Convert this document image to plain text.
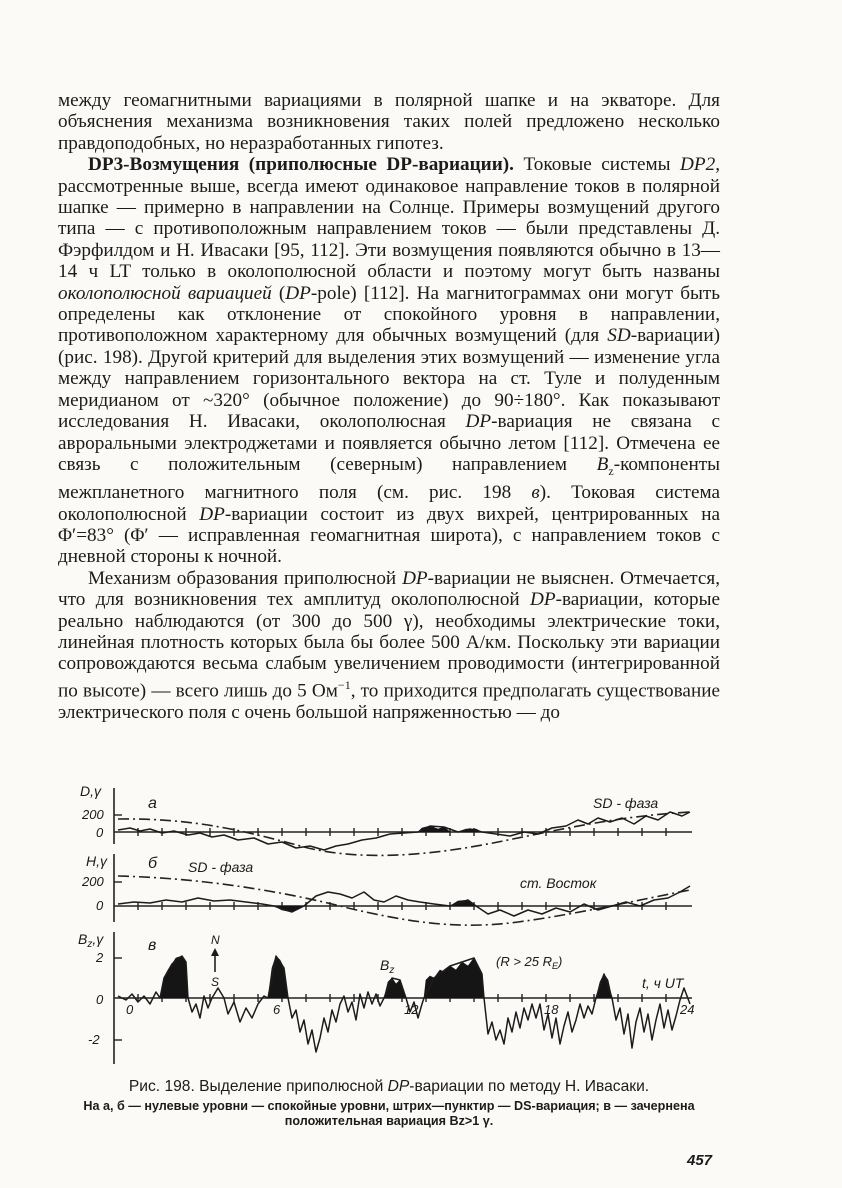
между геомагнитными вариациями в полярной шапке и на экваторе. Для объяснения механизма возникновения таких полей предложено несколько правдоподобных, но неразработанных гипотез.

DP3-Возмущения (приполюсные DP-вариации). Токовые системы DP2, рассмотренные выше, всегда имеют одинаковое направление токов в полярной шапке — примерно в направлении на Солнце. Примеры возмущений другого типа — с противоположным направлением токов — были представлены Д. Фэрфилдом и Н. Ивасаки [95, 112]. Эти возмущения появляются обычно в 13—14 ч LT только в околополюсной области и поэтому могут быть названы околополюсной вариацией (DP-pole) [112]. На магнитограммах они могут быть определены как отклонение от спокойного уровня в направлении, противоположном характерному для обычных возмущений (для SD-вариации) (рис. 198). Другой критерий для выделения этих возмущений — изменение угла между направлением горизонтального вектора на ст. Туле и полуденным меридианом от ~320° (обычное положение) до 90÷180°. Как показывают исследования Н. Ивасаки, околополюсная DP-вариация не связана с авроральными электроджетами и появляется обычно летом [112]. Отмечена ее связь с положительным (северным) направлением $B_z$-компоненты межпланетного магнитного поля (см. рис. 198 в). Токовая система околополюсной DP-вариации состоит из двух вихрей, центрированных на Φ′=83° (Φ′ — исправленная геомагнитная широта), с направлением токов с дневной стороны к ночной.

Механизм образования приполюсной DP-вариации не выяснен. Отмечается, что для возникновения тех амплитуд околополюсной DP-вариации, которые реально наблюдаются (от 300 до 500 γ), необходимы электрические токи, линейная плотность которых была бы более 500 А/км. Поскольку эти вариации сопровождаются весьма слабым увеличением проводимости (интегрированной по высоте) — всего лишь до 5 $Ом^{-1}$, то приходится предполагать существование электрического поля с очень большой напряженностью — до

D,γ
а
200
0
SD - фаза
H,γ	б
200
0
SD - фаза
ст. Восток
$B_z,\gamma$	в
2
0
-2
N
S
$B_z$
(R > 25 $R_E$)
t, ч UT
0	6	12	18	24
Рис. 198. Выделение приполюсной DP-вариации по методу Н. Ивасаки.
На а, б — нулевые уровни — спокойные уровни, штрих—пунктир — DS-вариация; в — зачерненa положительная вариация Bz>1 γ.
457
